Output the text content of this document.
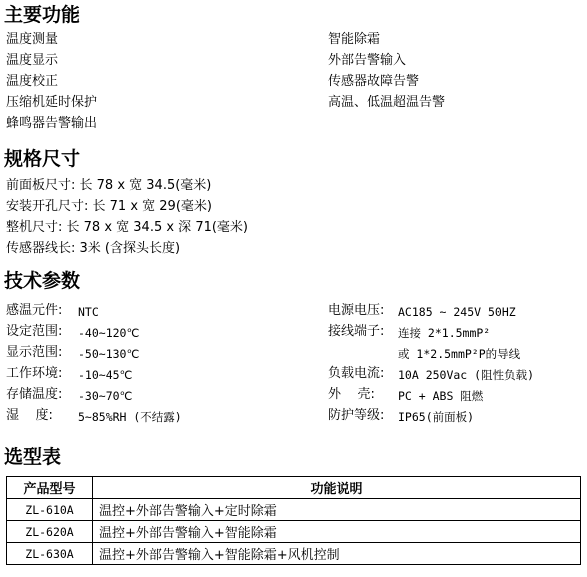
主要功能
温度测量
温度显示
温度校正
压缩机延时保护
蜂鸣器告警输出
智能除霜
外部告警输入
传感器故障告警
高温、低温超温告警
规格尺寸
前面板尺寸: 长 78 x 宽 34.5(毫米)
安装开孔尺寸: 长 71 x 宽 29(毫米)
整机尺寸: 长 78 x 宽 34.5 x 深 71(毫米)
传感器线长: 3米 (含探头长度)
技术参数
感温元件: NTC
设定范围: -40~120℃
显示范围: -50~130℃
工作环境: -10~45℃
存储温度: -30~70℃
湿    度: 5~85%RH (不结露)
电源电压: AC185 ~ 245V 50HZ
接线端子: 连接 2*1.5mmP²
或 1*2.5mmP²P的导线
负载电流: 10A 250Vac (阻性负载)
外    壳: PC + ABS 阻燃
防护等级: IP65(前面板)
选型表
产品型号	功能说明
ZL-610A	温控+外部告警输入+定时除霜
ZL-620A	温控+外部告警输入+智能除霜
ZL-630A	温控+外部告警输入+智能除霜+风机控制
